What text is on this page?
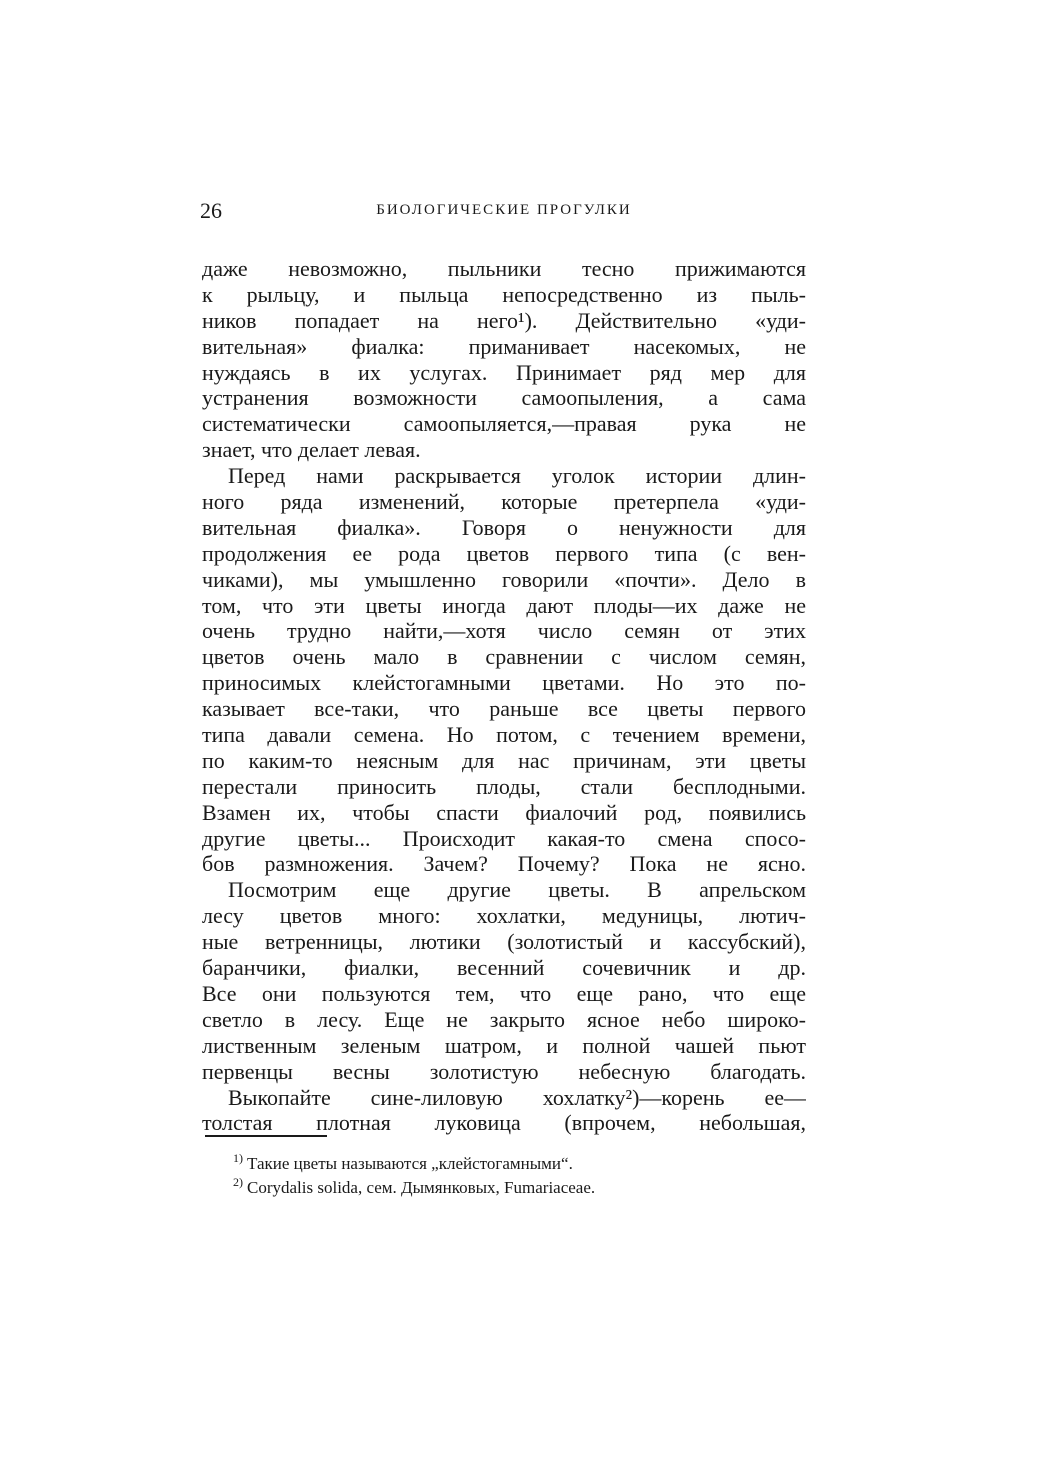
26	БИОЛОГИЧЕСКИЕ ПРОГУЛКИ
даже невозможно, пыльники тесно прижимаются
к рыльцу, и пыльца непосредственно из пыль-
ников попадает на него¹). Действительно «уди-
вительная» фиалка: приманивает насекомых, не
нуждаясь в их услугах. Принимает ряд мер для
устранения возможности самоопыления, а сама
систематически самоопыляется,—правая рука не
знает, что делает левая.
Перед нами раскрывается уголок истории длин-
ного ряда изменений, которые претерпела «уди-
вительная фиалка». Говоря о ненужности для
продолжения ее рода цветов первого типа (с вен-
чиками), мы умышленно говорили «почти». Дело в
том, что эти цветы иногда дают плоды—их даже не
очень трудно найти,—хотя число семян от этих
цветов очень мало в сравнении с числом семян,
приносимых клейстогамными цветами. Но это по-
казывает все-таки, что раньше все цветы первого
типа давали семена. Но потом, с течением времени,
по каким-то неясным для нас причинам, эти цветы
перестали приносить плоды, стали бесплодными.
Взамен их, чтобы спасти фиалочий род, появились
другие цветы... Происходит какая-то смена спосо-
бов размножения. Зачем? Почему? Пока не ясно.
Посмотрим еще другие цветы. В апрельском
лесу цветов много: хохлатки, медуницы, лютич-
ные ветренницы, лютики (золотистый и кассубский),
баранчики, фиалки, весенний сочевичник и др.
Все они пользуются тем, что еще рано, что еще
светло в лесу. Еще не закрыто ясное небо широко-
лиственным зеленым шатром, и полной чашей пьют
первенцы весны золотистую небесную благодать.
Выкопайте сине-лиловую хохлатку²)—корень ее—
толстая плотная луковица (впрочем, небольшая,
$^{1)}$ Такие цветы называются „клейстогамными“.
$^{2)}$ Corydalis solida, сем. Дымянковых, Fumariaceae.
